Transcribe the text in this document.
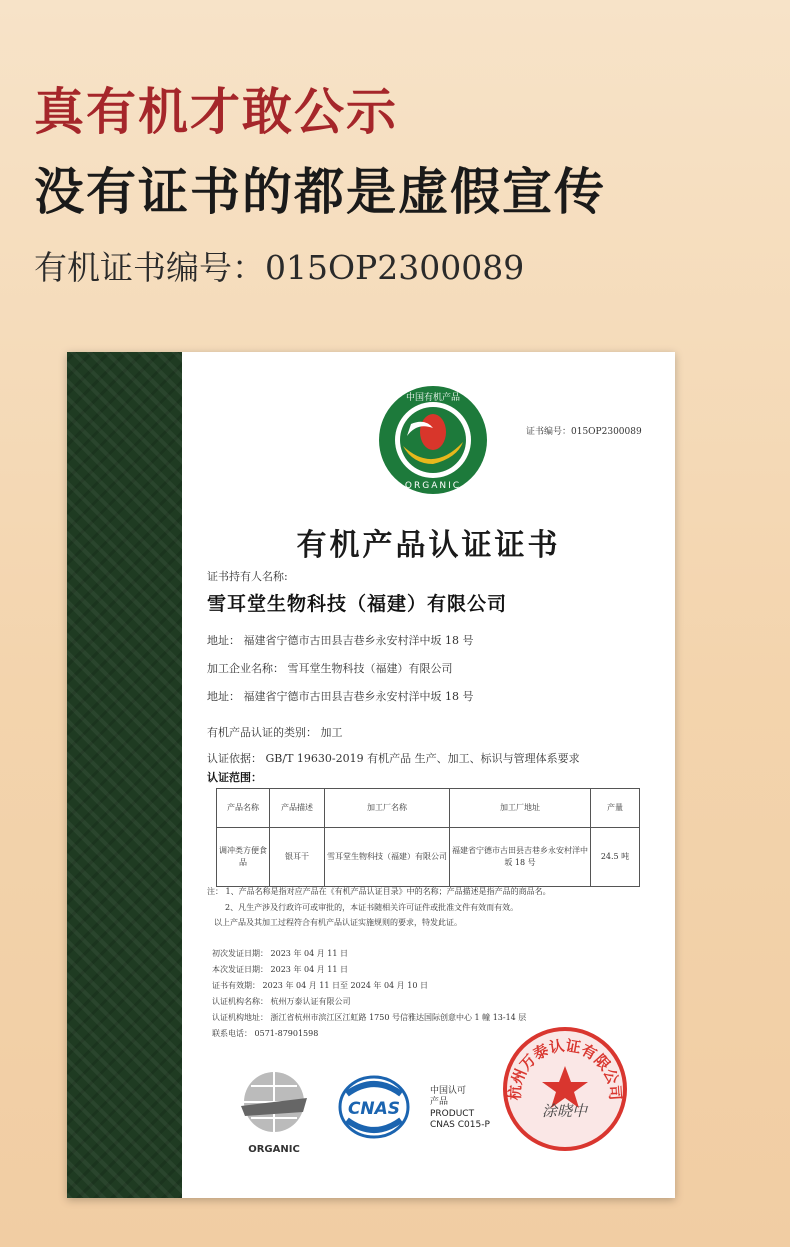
真有机才敢公示
没有证书的都是虚假宣传

有机证书编号：015OP2300089

中国有机产品
ORGANIC
证书编号：015OP2300089
有机产品认证证书
证书持有人名称:
雪耳堂生物科技（福建）有限公司
地址： 福建省宁德市古田县吉巷乡永安村洋中坂 18 号
加工企业名称： 雪耳堂生物科技（福建）有限公司
地址： 福建省宁德市古田县吉巷乡永安村洋中坂 18 号
有机产品认证的类别： 加工
认证依据： GB/T 19630-2019 有机产品 生产、加工、标识与管理体系要求
认证范围：
产品名称	产品描述	加工厂名称	加工厂地址	产量
调冲类方便食品	银耳干	雪耳堂生物科技（福建）有限公司	福建省宁德市古田县吉巷乡永安村洋中坂 18 号	24.5 吨
注： 1、产品名称是指对应产品在《有机产品认证目录》中的名称；产品描述是指产品的商品名。
2、凡生产涉及行政许可或审批的，本证书随相关许可证件或批准文件有效而有效。
以上产品及其加工过程符合有机产品认证实施规则的要求，特发此证。
初次发证日期： 2023 年 04 月 11 日
本次发证日期： 2023 年 04 月 11 日
证书有效期： 2023 年 04 月 11 日至 2024 年 04 月 10 日
认证机构名称： 杭州万泰认证有限公司
认证机构地址： 浙江省杭州市滨江区江虹路 1750 号信雅达国际创意中心 1 幢 13-14 层
联系电话： 0571-87901598
ORGANIC
CNAS
中国认可
产品
PRODUCT
CNAS C015-P
杭州万泰认证有限公司
涂晓中
